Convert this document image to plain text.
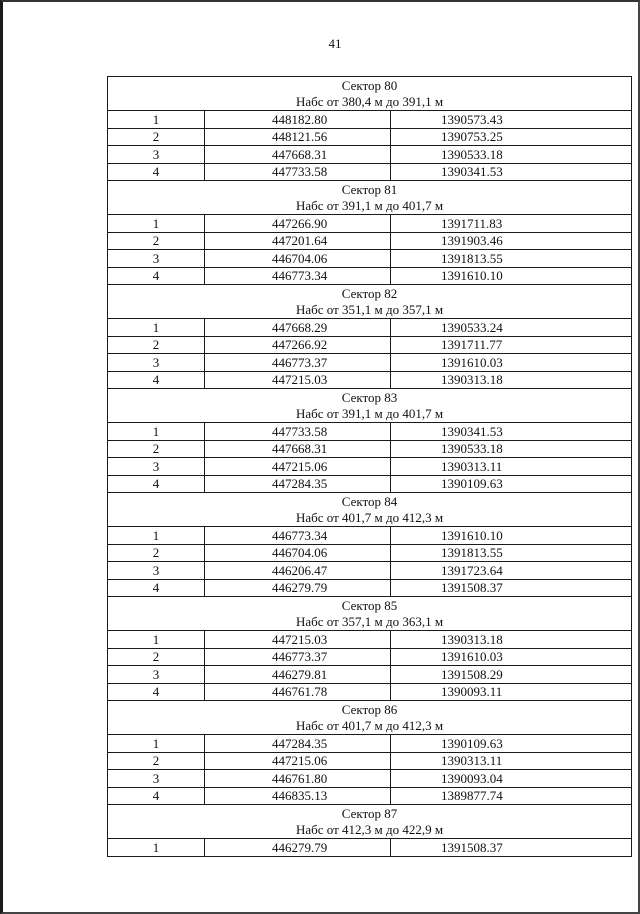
41
Сектор 80		
Набс от 380,4 м до 391,1 м		
1	448182.80	1390573.43
2	448121.56	1390753.25
3	447668.31	1390533.18
4	447733.58	1390341.53
Сектор 81		
Набс от 391,1 м до 401,7 м		
1	447266.90	1391711.83
2	447201.64	1391903.46
3	446704.06	1391813.55
4	446773.34	1391610.10
Сектор 82		
Набс от 351,1 м до 357,1 м		
1	447668.29	1390533.24
2	447266.92	1391711.77
3	446773.37	1391610.03
4	447215.03	1390313.18
Сектор 83		
Набс от 391,1 м до 401,7 м		
1	447733.58	1390341.53
2	447668.31	1390533.18
3	447215.06	1390313.11
4	447284.35	1390109.63
Сектор 84		
Набс от 401,7 м до 412,3 м		
1	446773.34	1391610.10
2	446704.06	1391813.55
3	446206.47	1391723.64
4	446279.79	1391508.37
Сектор 85		
Набс от 357,1 м до 363,1 м		
1	447215.03	1390313.18
2	446773.37	1391610.03
3	446279.81	1391508.29
4	446761.78	1390093.11
Сектор 86		
Набс от 401,7 м до 412,3 м		
1	447284.35	1390109.63
2	447215.06	1390313.11
3	446761.80	1390093.04
4	446835.13	1389877.74
Сектор 87		
Набс от 412,3 м до 422,9 м		
1	446279.79	1391508.37
